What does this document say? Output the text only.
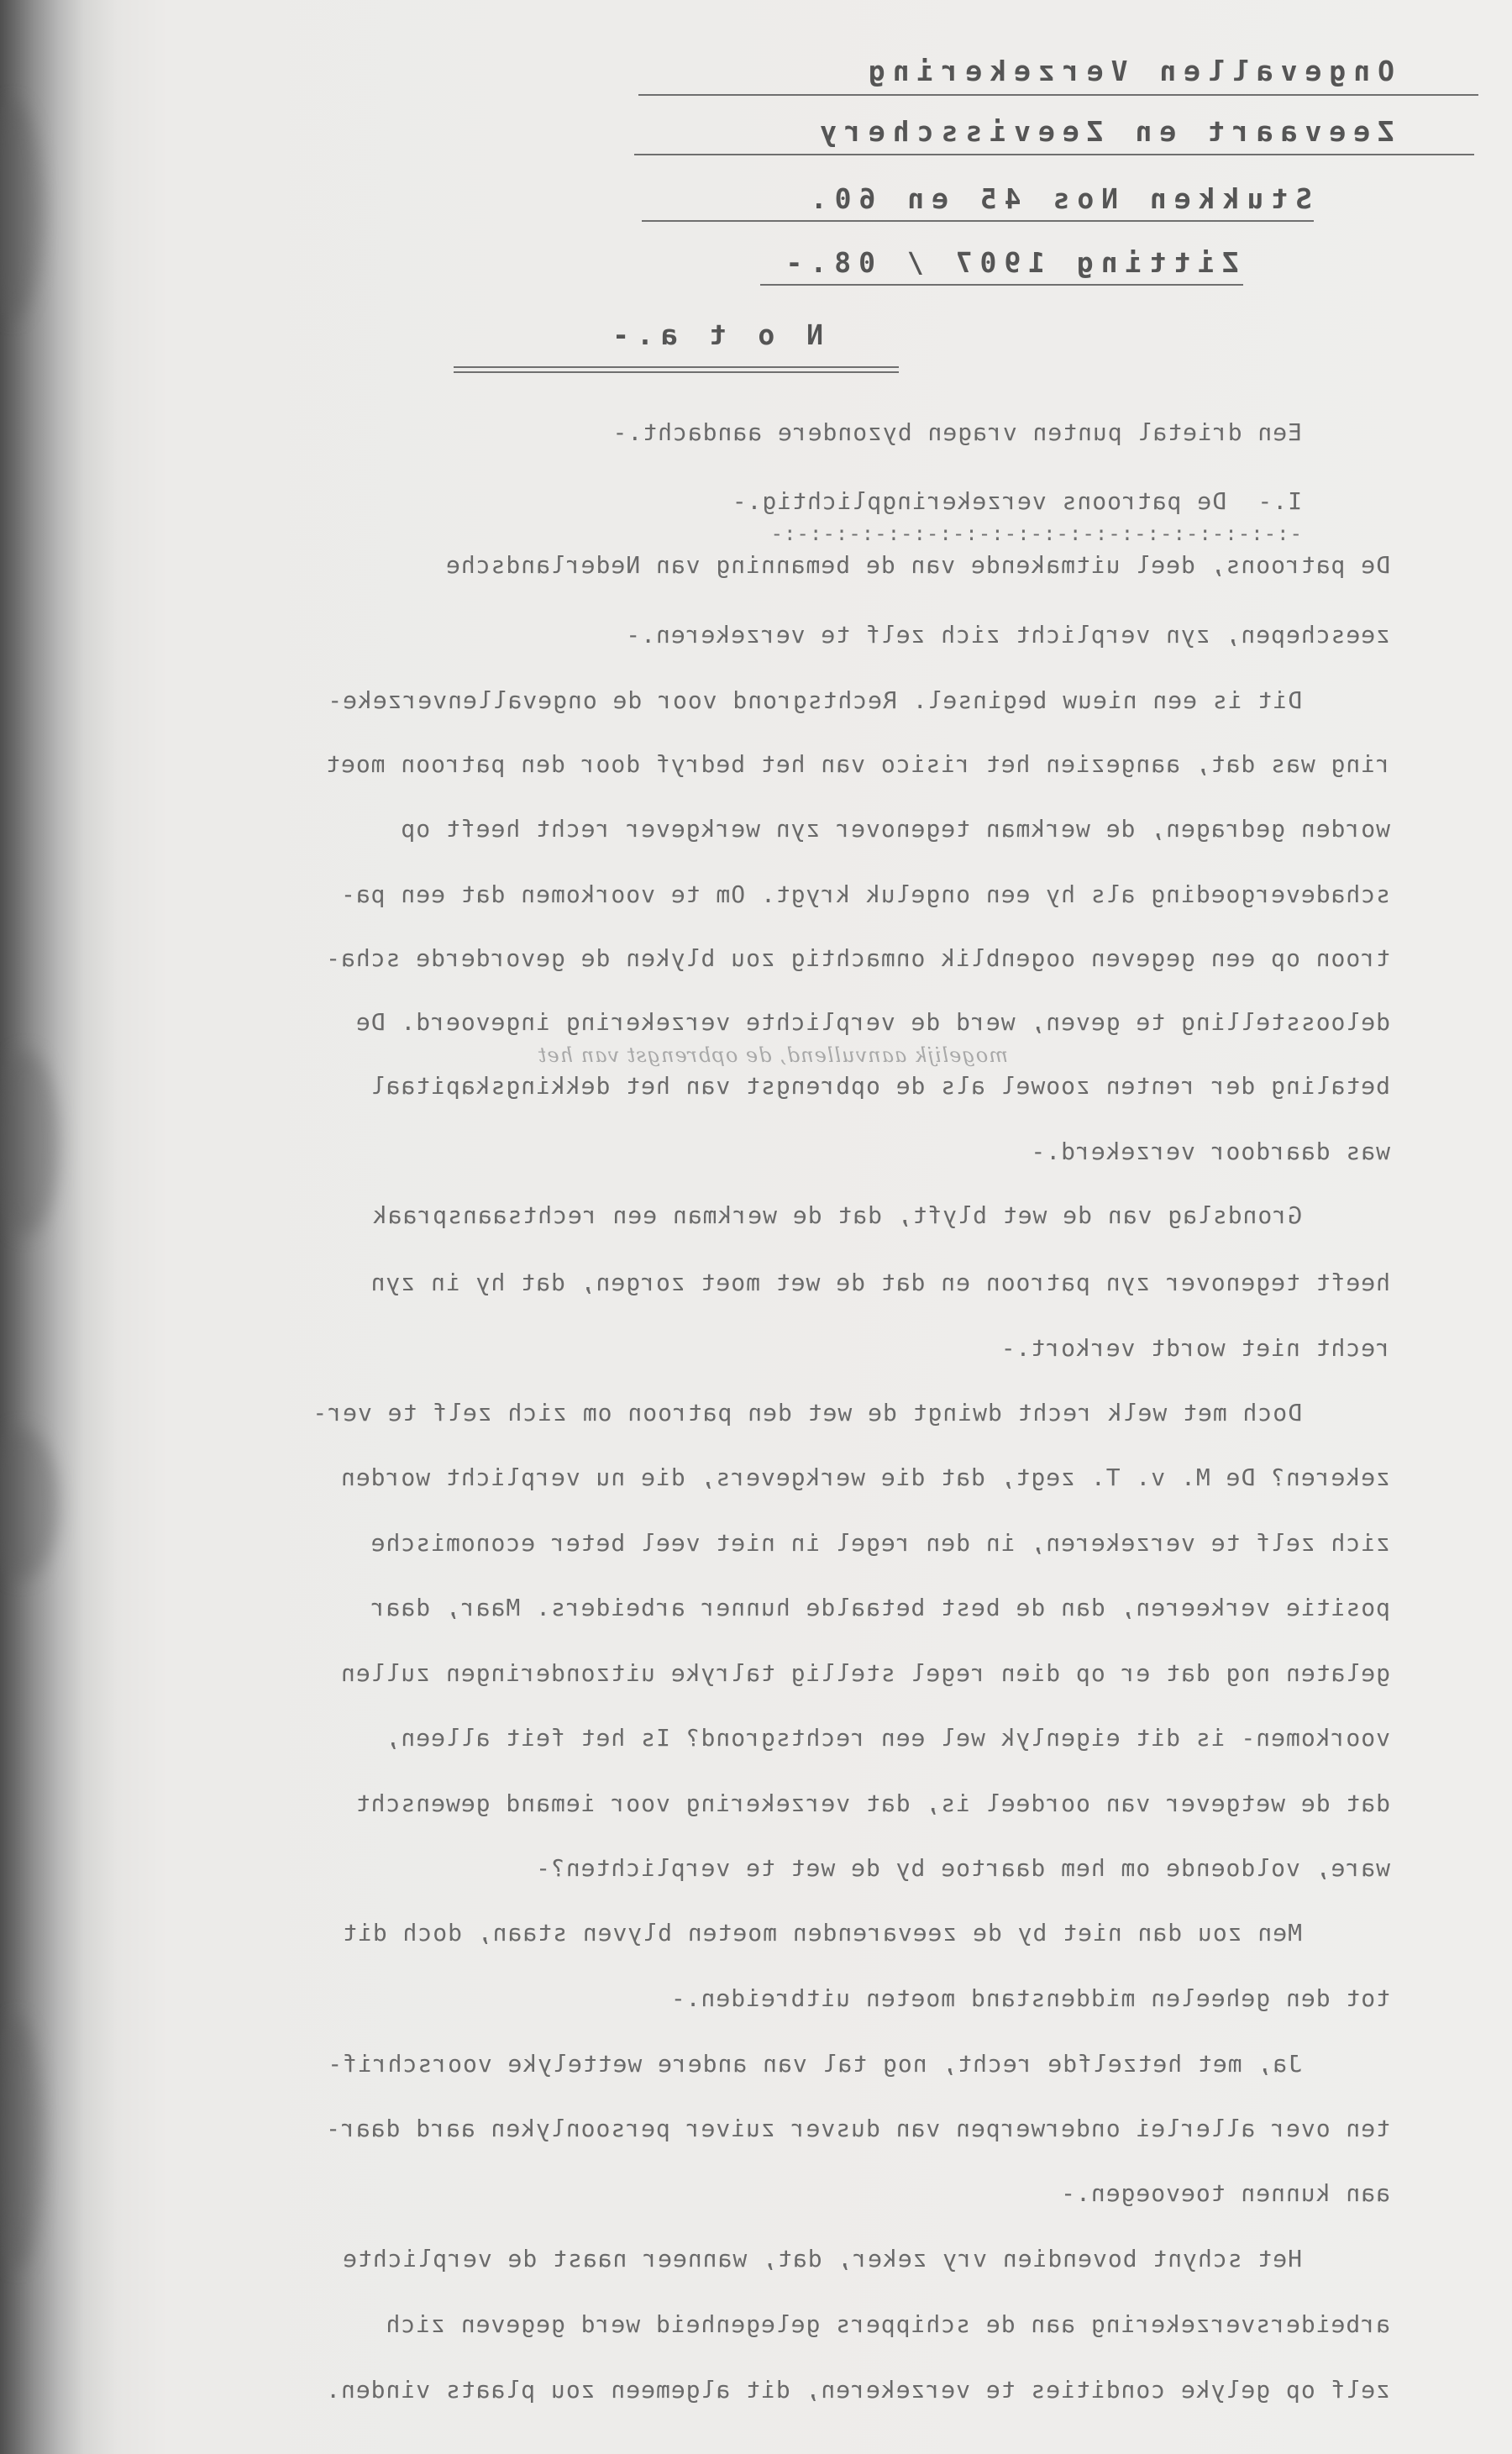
Ongevallen Verzekering
Zeevaart en Zeevisschery
Stukken Nos 45 en 60.
Zitting 1907 / 08.-
N o t a.-
Een drietal punten vragen byzondere aandacht.-
I.-
De patroons verzekeringplichtig.-
-:-:-:-:-:-:-:-:-:-:-:-:-:-:-:-:-:-:-:-:-
De patroons, deel uitmakende van de bemanning van Nederlandsche
zeeschepen, zyn verplicht zich zelf te verzekeren.-
Dit is een nieuw beginsel. Rechtsgrond voor de ongevallenverzeke-
ring was dat, aangezien het risico van het bedryf door den patroon moet
worden gedragen, de werkman tegenover zyn werkgever recht heeft op
schadevergoeding als hy een ongeluk krygt. Om te voorkomen dat een pa-
troon op een gegeven oogenblik onmachtig zou blyken de gevorderde scha-
deloosstelling te geven, werd de verplichte verzekering ingevoerd. De
mogelijk aanvullend, de opbrengst van het
betaling der renten zoowel als de opbrengst van het dekkingskapitaal
was daardoor verzekerd.-
Grondslag van de wet blyft, dat de werkman een rechtsaanspraak
heeft tegenover zyn patroon en dat de wet moet zorgen, dat hy in zyn
recht niet wordt verkort.-
Doch met welk recht dwingt de wet den patroon om zich zelf te ver-
zekeren? De M. v. T. zegt, dat die werkgevers, die nu verplicht worden
zich zelf te verzekeren, in den regel in niet veel beter economische
positie verkeeren, dan de best betaalde hunner arbeiders. Maar, daar
gelaten nog dat er op dien regel stellig talryke uitzonderingen zullen
voorkomen- is dit eigenlyk wel een rechtsgrond? Is het feit alleen,
dat de wetgever van oordeel is, dat verzekering voor iemand gewenscht
ware, voldoende om hem daartoe by de wet te verplichten?-
Men zou dan niet by de zeevarenden moeten blyven staan, doch dit
tot den geheelen middenstand moeten uitbreiden.-
Ja, met hetzelfde recht, nog tal van andere wettelyke voorschrif-
ten over allerlei onderwerpen van dusver zuiver persoonlyken aard daar-
aan kunnen toevoegen.-
Het schynt bovendien vry zeker, dat, wanneer naast de verplichte
arbeidersverzekering aan de schippers gelegenheid werd gegeven zich
zelf op gelyke condities te verzekeren, dit algemeen zou plaats vinden.
